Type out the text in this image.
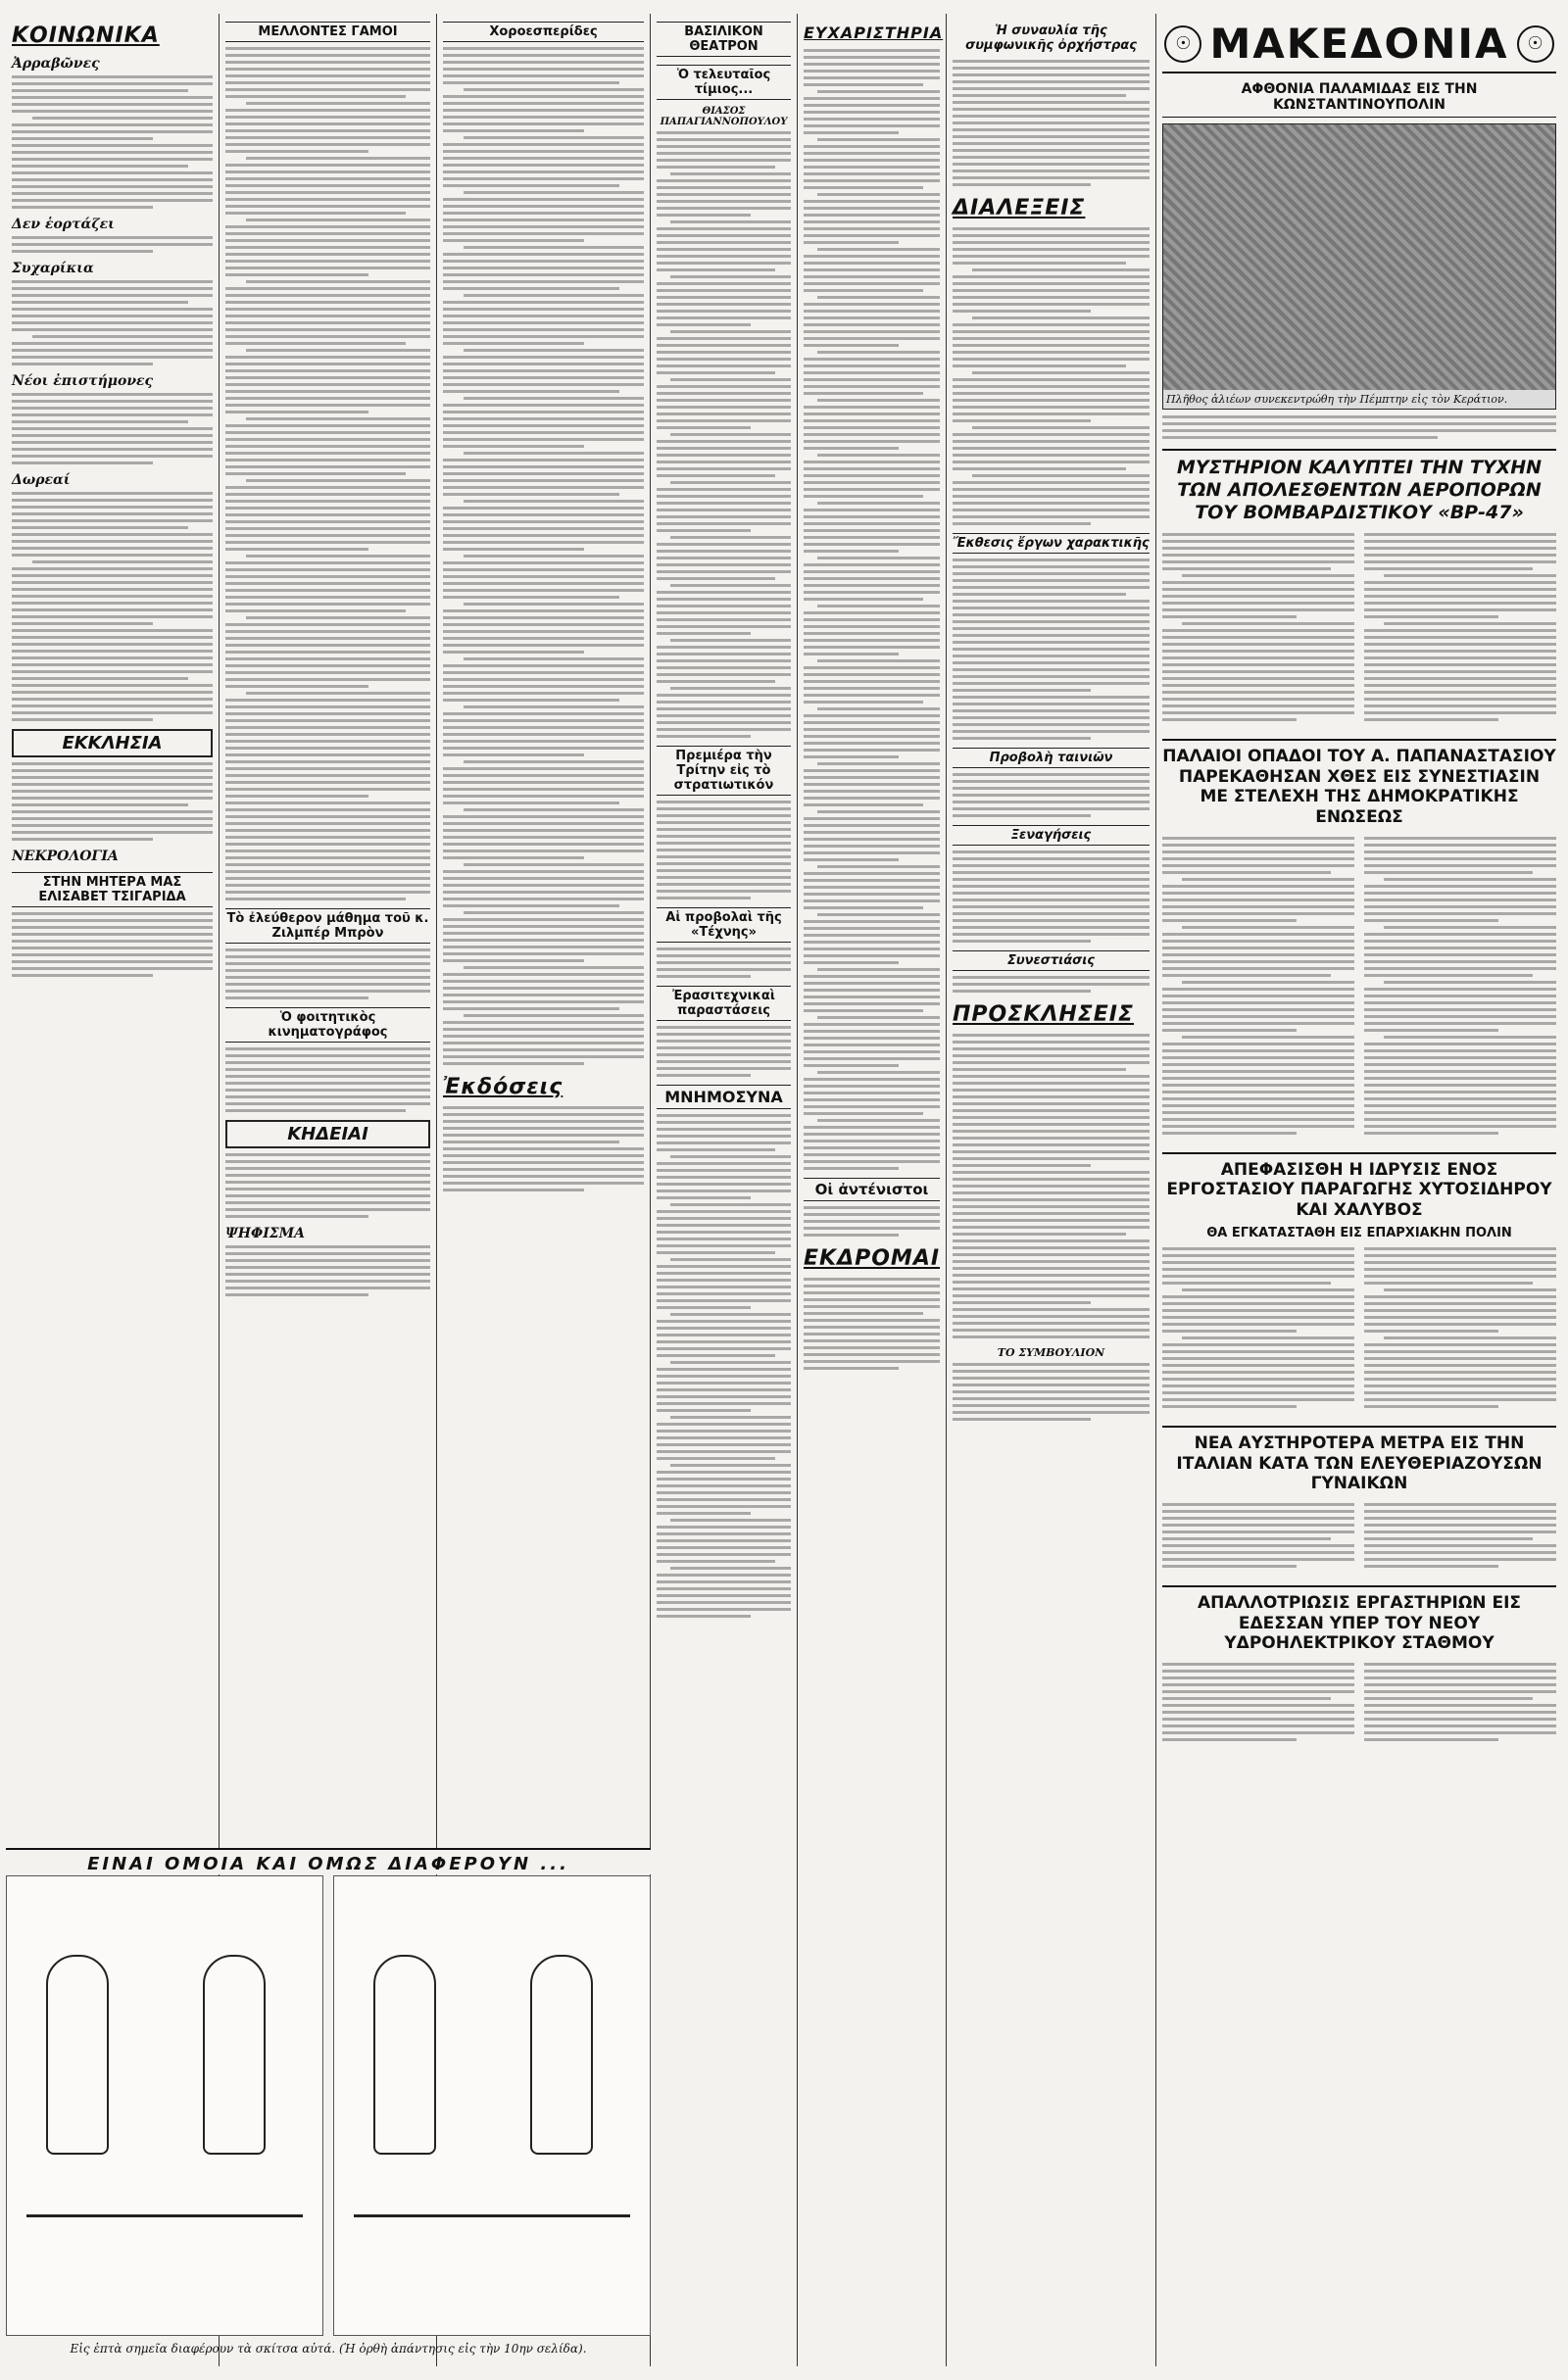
ΚΟΙΝΩΝΙΚΑ
Ἀρραβῶνες
Δεν ἑορτάζει
Συχαρίκια
Νέοι ἐπιστήμονες
Δωρεαί
ΕΚΚΛΗΣΙΑ
ΝΕΚΡΟΛΟΓΙΑ
ΣΤΗΝ ΜΗΤΕΡΑ ΜΑΣ ΕΛΙΣΑΒΕΤ ΤΣΙΓΑΡΙΔΑ
ΜΕΛΛΟΝΤΕΣ ΓΑΜΟΙ
Τὸ ἐλεύθερον μάθημα τοῦ κ. Ζιλμπέρ Μπρὸν
Ὁ φοιτητικὸς κινηματογράφος
ΚΗΔΕΙΑΙ
ΨΗΦΙΣΜΑ
Χοροεσπερίδες
Ἐκδόσεις
ΒΑΣΙΛΙΚΟΝ ΘΕΑΤΡΟΝ
Ὁ τελευταῖος τίμιος...
ΘΙΑΣΟΣ ΠΑΠΑΓΙΑΝΝΟΠΟΥΛΟΥ
Πρεμιέρα τὴν Τρίτην εἰς τὸ στρατιωτικόν
Αἱ προβολαὶ τῆς «Τέχνης»
Ἐρασιτεχνικαὶ παραστάσεις
ΜΝΗΜΟΣΥΝΑ
ΕΥΧΑΡΙΣΤΗΡΙΑ
Οἱ ἀντένιστοι
ΕΚΔΡΟΜΑΙ
Ἡ συναυλία τῆς συμφωνικῆς ὀρχήστρας
ΔΙΑΛΕΞΕΙΣ
Ἔκθεσις ἔργων χαρακτικῆς
Προβολὴ ταινιῶν
Ξεναγήσεις
Συνεστιάσις
ΠΡΟΣΚΛΗΣΕΙΣ
ΤΟ ΣΥΜΒΟΥΛΙΟΝ
☉ ΜΑΚΕΔΟΝΙΑ	☉
ΑΦΘΟΝΙΑ ΠΑΛΑΜΙΔΑΣ ΕΙΣ ΤΗΝ ΚΩΝΣΤΑΝΤΙΝΟΥΠΟΛΙΝ
Πλῆθος ἁλιέων συνεκεντρώθη τὴν Πέμπτην εἰς τὸν Κεράτιον.
ΜΥΣΤΗΡΙΟΝ ΚΑΛΥΠΤΕΙ ΤΗΝ ΤΥΧΗΝ ΤΩΝ ΑΠΟΛΕΣΘΕΝΤΩΝ ΑΕΡΟΠΟΡΩΝ ΤΟΥ ΒΟΜΒΑΡΔΙΣΤΙΚΟΥ «ΒΡ-47»
ΠΑΛΑΙΟΙ ΟΠΑΔΟΙ ΤΟΥ Α. ΠΑΠΑΝΑΣΤΑΣΙΟΥ ΠΑΡΕΚΑΘΗΣΑΝ ΧΘΕΣ ΕΙΣ ΣΥΝΕΣΤΙΑΣΙΝ ΜΕ ΣΤΕΛΕΧΗ ΤΗΣ ΔΗΜΟΚΡΑΤΙΚΗΣ ΕΝΩΣΕΩΣ
ΑΠΕΦΑΣΙΣΘΗ Η ΙΔΡΥΣΙΣ ΕΝΟΣ ΕΡΓΟΣΤΑΣΙΟΥ ΠΑΡΑΓΩΓΗΣ ΧΥΤΟΣΙΔΗΡΟΥ ΚΑΙ ΧΑΛΥΒΟΣ
ΘΑ ΕΓΚΑΤΑΣΤΑΘΗ ΕΙΣ ΕΠΑΡΧΙΑΚΗΝ ΠΟΛΙΝ
ΝΕΑ ΑΥΣΤΗΡΟΤΕΡΑ ΜΕΤΡΑ ΕΙΣ ΤΗΝ ΙΤΑΛΙΑΝ ΚΑΤΑ ΤΩΝ ΕΛΕΥΘΕΡΙΑΖΟΥΣΩΝ ΓΥΝΑΙΚΩΝ
ΑΠΑΛΛΟΤΡΙΩΣΙΣ ΕΡΓΑΣΤΗΡΙΩΝ ΕΙΣ ΕΔΕΣΣΑΝ ΥΠΕΡ ΤΟΥ ΝΕΟΥ ΥΔΡΟΗΛΕΚΤΡΙΚΟΥ ΣΤΑΘΜΟΥ
ΕΙΝΑΙ ΟΜΟΙΑ ΚΑΙ ΟΜΩΣ ΔΙΑΦΕΡΟΥΝ ...
Εἰς ἑπτὰ σημεῖα διαφέρουν τὰ σκίτσα αὐτά. (Ἡ ὀρθὴ ἀπάντησις εἰς τὴν 10ην σελίδα).
